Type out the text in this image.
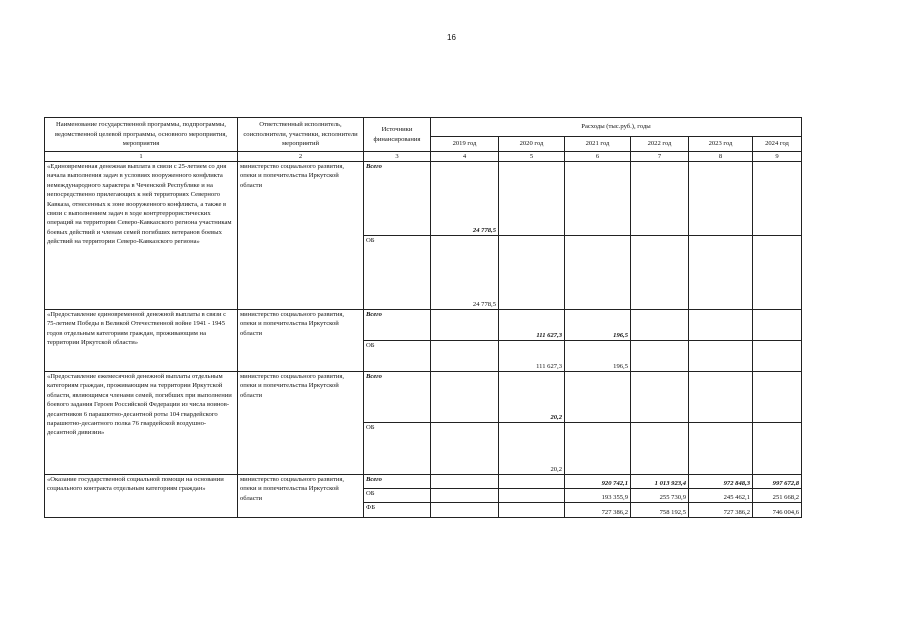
16
Наименование государственной программы, подпрограммы, ведомственной целевой программы, основного мероприятия, мероприятия	Ответственный исполнитель, соисполнители, участники, исполнители мероприятий	Источники финансирования	Расходы (тыс.руб.), годы					
			2019 год	2020 год	2021 год	2022 год	2023 год	2024 год
1	2	3	4	5	6	7	8	9
«Единовременная денежная выплата в связи с 25-летием со дня начала выполнения задач в условиях вооруженного конфликта немеждународного характера в Чеченской Республике и на непосредственно прилегающих к ней территориях Северного Кавказа, отнесенных к зоне вооруженного конфликта, а также в связи с выполнением задач в ходе контртеррористических операций на территории Северо-Кавказского региона участникам боевых действий и членам семей погибших ветеранов боевых действий на территории Северо-Кавказского региона»	министерство социального развития, опеки и попечительства Иркутской области	Всего	24 778,5					
		ОБ	24 778,5					
«Предоставление единовременной денежной выплаты в связи с 75-летием Победы в Великой Отечественной войне 1941 - 1945 годов отдельным категориям граждан, проживающим на территории Иркутской области»	министерство социального развития, опеки и попечительства Иркутской области	Всего		111 627,3	196,5			
		ОБ		111 627,3	196,5			
«Предоставление ежемесячной денежной выплаты отдельным категориям граждан, проживающим на территории Иркутской области, являющимся членами семей, погибших при выполнении боевого задания Героев Российской Федерации из числа воинов-десантников 6 парашютно-десантной роты 104 гвардейского парашютно-десантного полка 76 гвардейской воздушно-десантной дивизии»	министерство социального развития, опеки и попечительства Иркутской области	Всего		20,2				
		ОБ		20,2				
«Оказание государственной социальной помощи на основании социального контракта отдельным категориям граждан»	министерство социального развития, опеки и попечительства Иркутской области	Всего			920 742,1	1 013 923,4	972 848,3	997 672,8
		ОБ			193 355,9	255 730,9	245 462,1	251 668,2
		ФБ			727 386,2	758 192,5	727 386,2	746 004,6
